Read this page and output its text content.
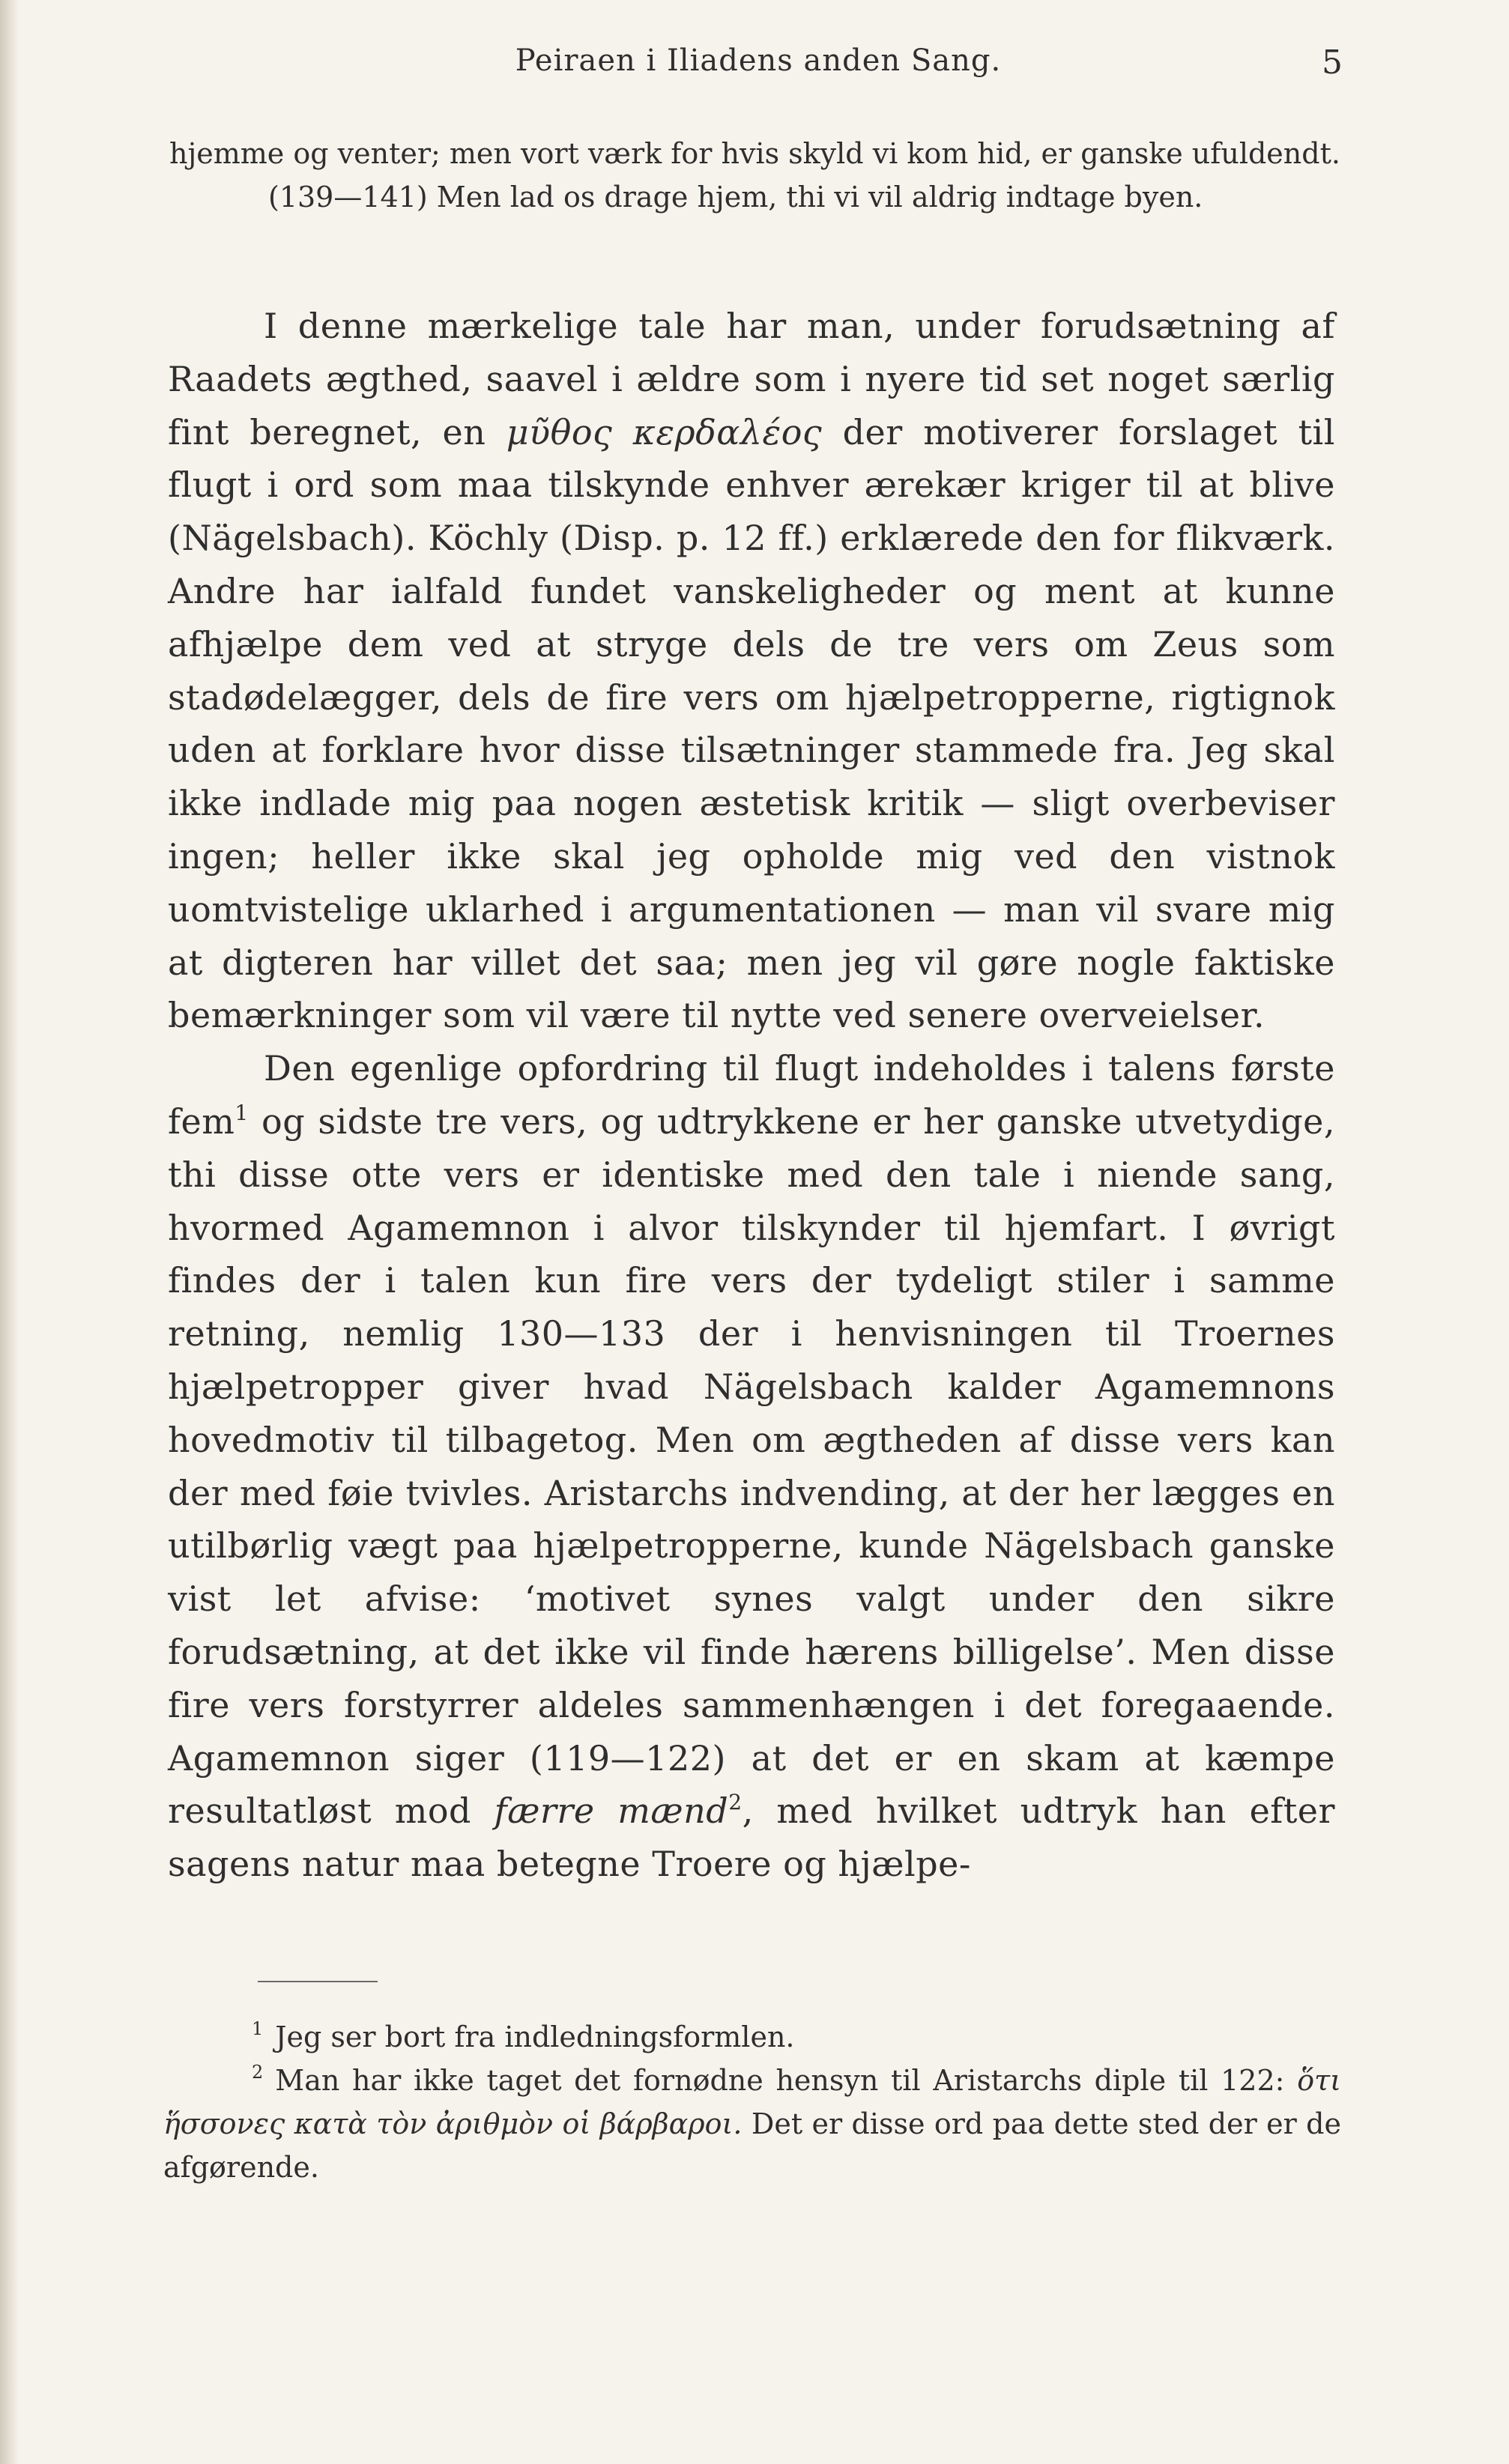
Peiraen i Iliadens anden Sang.	5

hjemme og venter; men vort værk for hvis skyld vi kom hid, er ganske ufuldendt.

(139—141) Men lad os drage hjem, thi vi vil aldrig indtage byen.

I denne mærkelige tale har man, under forudsætning af Raadets ægthed, saavel i ældre som i nyere tid set noget særlig fint beregnet, en μῦθος κερδαλέος der motiverer forslaget til flugt i ord som maa tilskynde enhver ærekær kriger til at blive (Nägelsbach). Köchly (Disp. p. 12 ff.) erklærede den for flikværk. Andre har ialfald fundet vanskeligheder og ment at kunne afhjælpe dem ved at stryge dels de tre vers om Zeus som stadødelægger, dels de fire vers om hjælpetropperne, rigtignok uden at forklare hvor disse tilsætninger stammede fra. Jeg skal ikke indlade mig paa nogen æstetisk kritik — sligt overbeviser ingen; heller ikke skal jeg opholde mig ved den vistnok uomtvistelige uklarhed i argumentationen — man vil svare mig at digteren har villet det saa; men jeg vil gøre nogle faktiske bemærkninger som vil være til nytte ved senere overveielser.

Den egenlige opfordring til flugt indeholdes i talens første fem$^1$ og sidste tre vers, og udtrykkene er her ganske utvetydige, thi disse otte vers er identiske med den tale i niende sang, hvormed Agamemnon i alvor tilskynder til hjemfart. I øvrigt findes der i talen kun fire vers der tydeligt stiler i samme retning, nemlig 130—133 der i henvisningen til Troernes hjælpetropper giver hvad Nägelsbach kalder Agamemnons hovedmotiv til tilbagetog. Men om ægtheden af disse vers kan der med føie tvivles. Aristarchs indvending, at der her lægges en utilbørlig vægt paa hjælpetropperne, kunde Nägelsbach ganske vist let afvise: ‘motivet synes valgt under den sikre forudsætning, at det ikke vil finde hærens billigelse’. Men disse fire vers forstyrrer aldeles sammenhængen i det foregaaende. Agamemnon siger (119—122) at det er en skam at kæmpe resultatløst mod færre mænd$^2$, med hvilket udtryk han efter sagens natur maa betegne Troere og hjælpe-

$^1$ Jeg ser bort fra indledningsformlen.

$^2$ Man har ikke taget det fornødne hensyn til Aristarchs diple til 122: ὅτι ἥσσονες κατὰ τὸν ἀριθμὸν οἱ βάρβαροι. Det er disse ord paa dette sted der er de afgørende.
